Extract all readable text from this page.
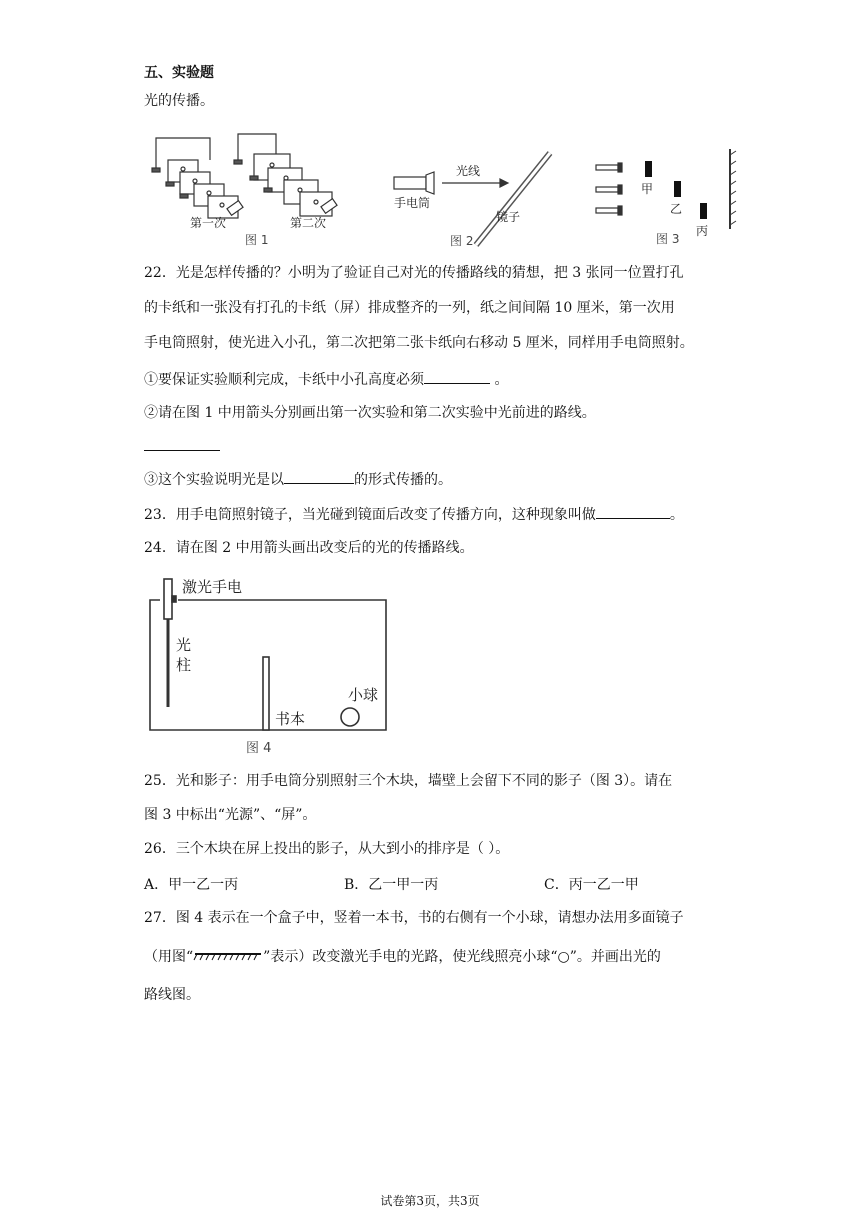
五、实验题
光的传播。
第一次	第二次
图 1
手电筒
光线
镜子
图 2
甲
乙
丙
图 3
22．光是怎样传播的？小明为了验证自己对光的传播路线的猜想，把 3 张同一位置打孔
的卡纸和一张没有打孔的卡纸（屏）排成整齐的一列，纸之间间隔 10 厘米，第一次用
手电筒照射，使光进入小孔，第二次把第二张卡纸向右移动 5 厘米，同样用手电筒照射。
①要保证实验顺利完成，卡纸中小孔高度必须	。
②请在图 1 中用箭头分别画出第一次实验和第二次实验中光前进的路线。
③这个实验说明光是以	的形式传播的。
23．用手电筒照射镜子，当光碰到镜面后改变了传播方向，这种现象叫做	。
24．请在图 2 中用箭头画出改变后的光的传播路线。
激光手电
光
柱
书本
小球
图 4
25．光和影子：用手电筒分别照射三个木块，墙壁上会留下不同的影子（图 3）。请在
图 3 中标出“光源”、“屏”。
26．三个木块在屏上投出的影子，从大到小的排序是（ ）。
A．甲一乙一丙	B．乙一甲一丙	C．丙一乙一甲
27．图 4 表示在一个盒子中，竖着一本书，书的右侧有一个小球，请想办法用多面镜子
（用图“	”表示）改变激光手电的光路，使光线照亮小球“○”。并画出光的
路线图。
试卷第3页，共3页
